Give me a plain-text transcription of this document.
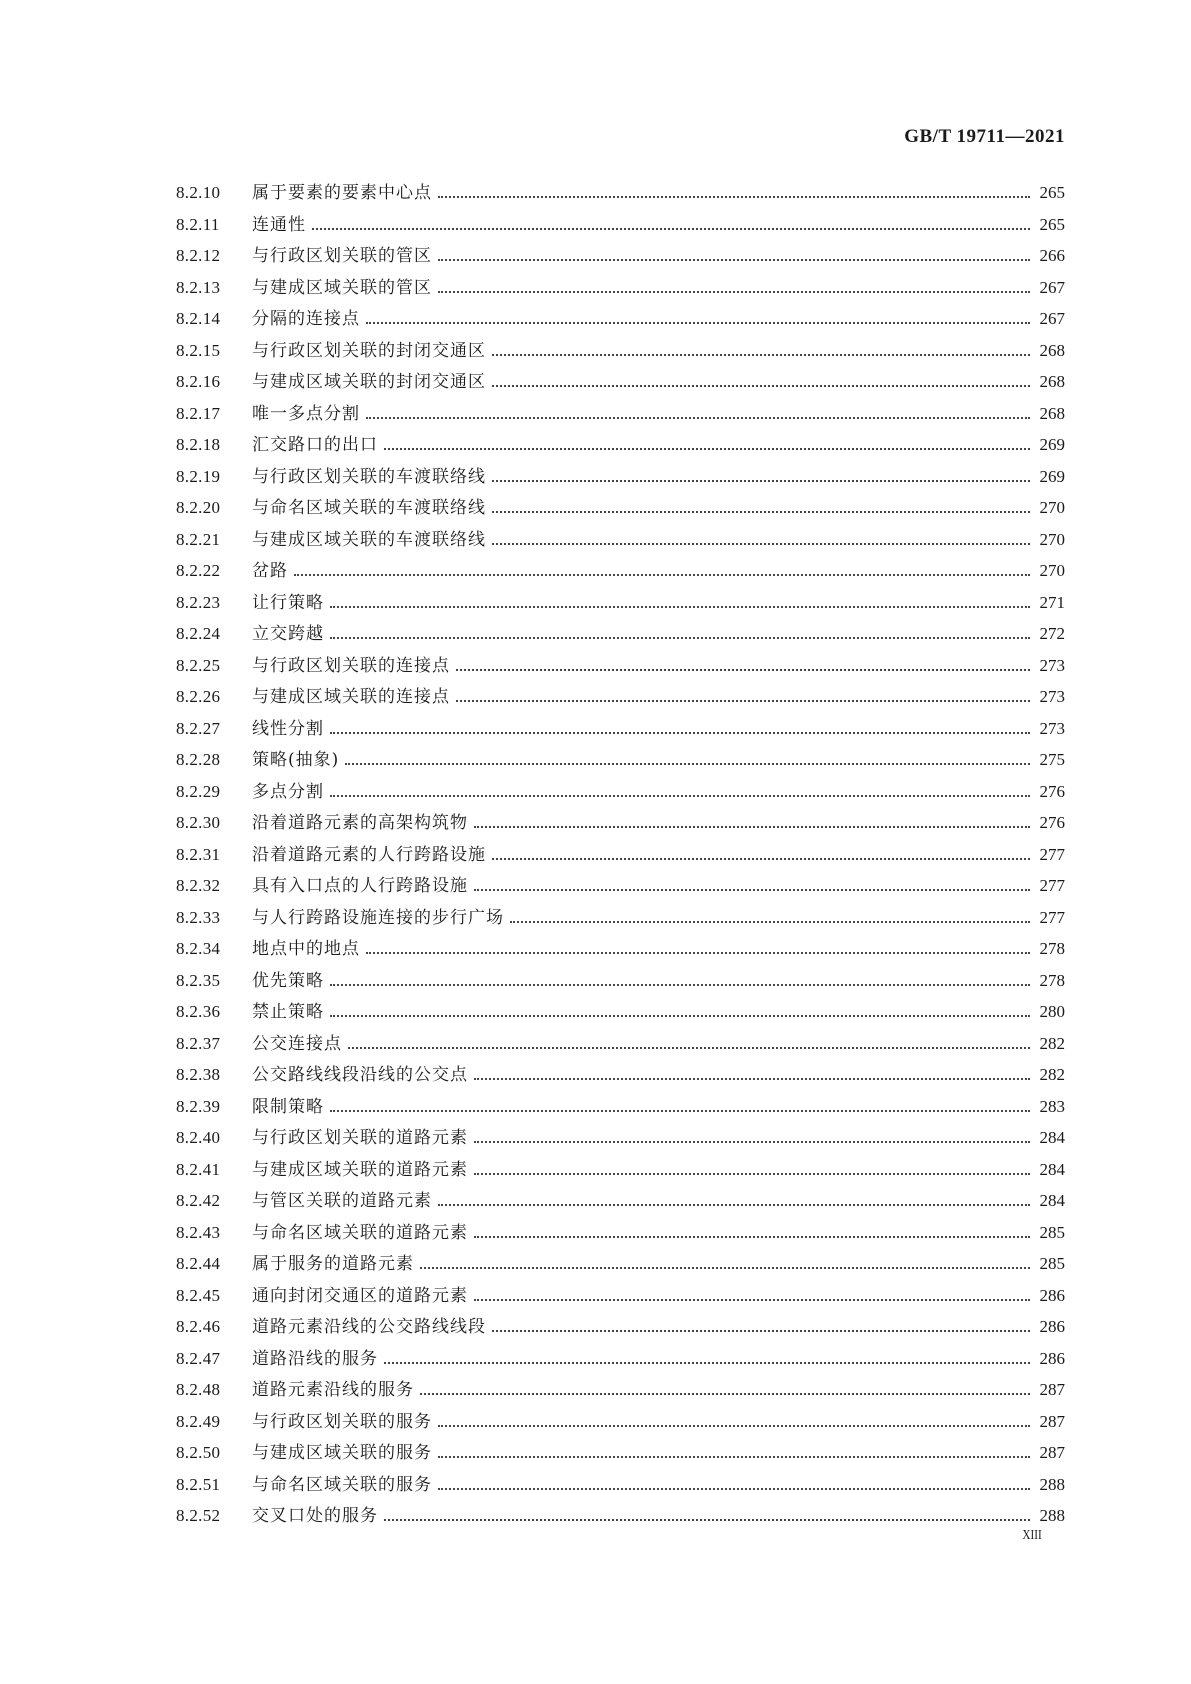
GB/T 19711—2021
8.2.10	属于要素的要素中心点	265
8.2.11	连通性	265
8.2.12	与行政区划关联的管区	266
8.2.13	与建成区域关联的管区	267
8.2.14	分隔的连接点	267
8.2.15	与行政区划关联的封闭交通区	268
8.2.16	与建成区域关联的封闭交通区	268
8.2.17	唯一多点分割	268
8.2.18	汇交路口的出口	269
8.2.19	与行政区划关联的车渡联络线	269
8.2.20	与命名区域关联的车渡联络线	270
8.2.21	与建成区域关联的车渡联络线	270
8.2.22	岔路	270
8.2.23	让行策略	271
8.2.24	立交跨越	272
8.2.25	与行政区划关联的连接点	273
8.2.26	与建成区域关联的连接点	273
8.2.27	线性分割	273
8.2.28	策略(抽象)	275
8.2.29	多点分割	276
8.2.30	沿着道路元素的高架构筑物	276
8.2.31	沿着道路元素的人行跨路设施	277
8.2.32	具有入口点的人行跨路设施	277
8.2.33	与人行跨路设施连接的步行广场	277
8.2.34	地点中的地点	278
8.2.35	优先策略	278
8.2.36	禁止策略	280
8.2.37	公交连接点	282
8.2.38	公交路线线段沿线的公交点	282
8.2.39	限制策略	283
8.2.40	与行政区划关联的道路元素	284
8.2.41	与建成区域关联的道路元素	284
8.2.42	与管区关联的道路元素	284
8.2.43	与命名区域关联的道路元素	285
8.2.44	属于服务的道路元素	285
8.2.45	通向封闭交通区的道路元素	286
8.2.46	道路元素沿线的公交路线线段	286
8.2.47	道路沿线的服务	286
8.2.48	道路元素沿线的服务	287
8.2.49	与行政区划关联的服务	287
8.2.50	与建成区域关联的服务	287
8.2.51	与命名区域关联的服务	288
8.2.52	交叉口处的服务	288
XIII
